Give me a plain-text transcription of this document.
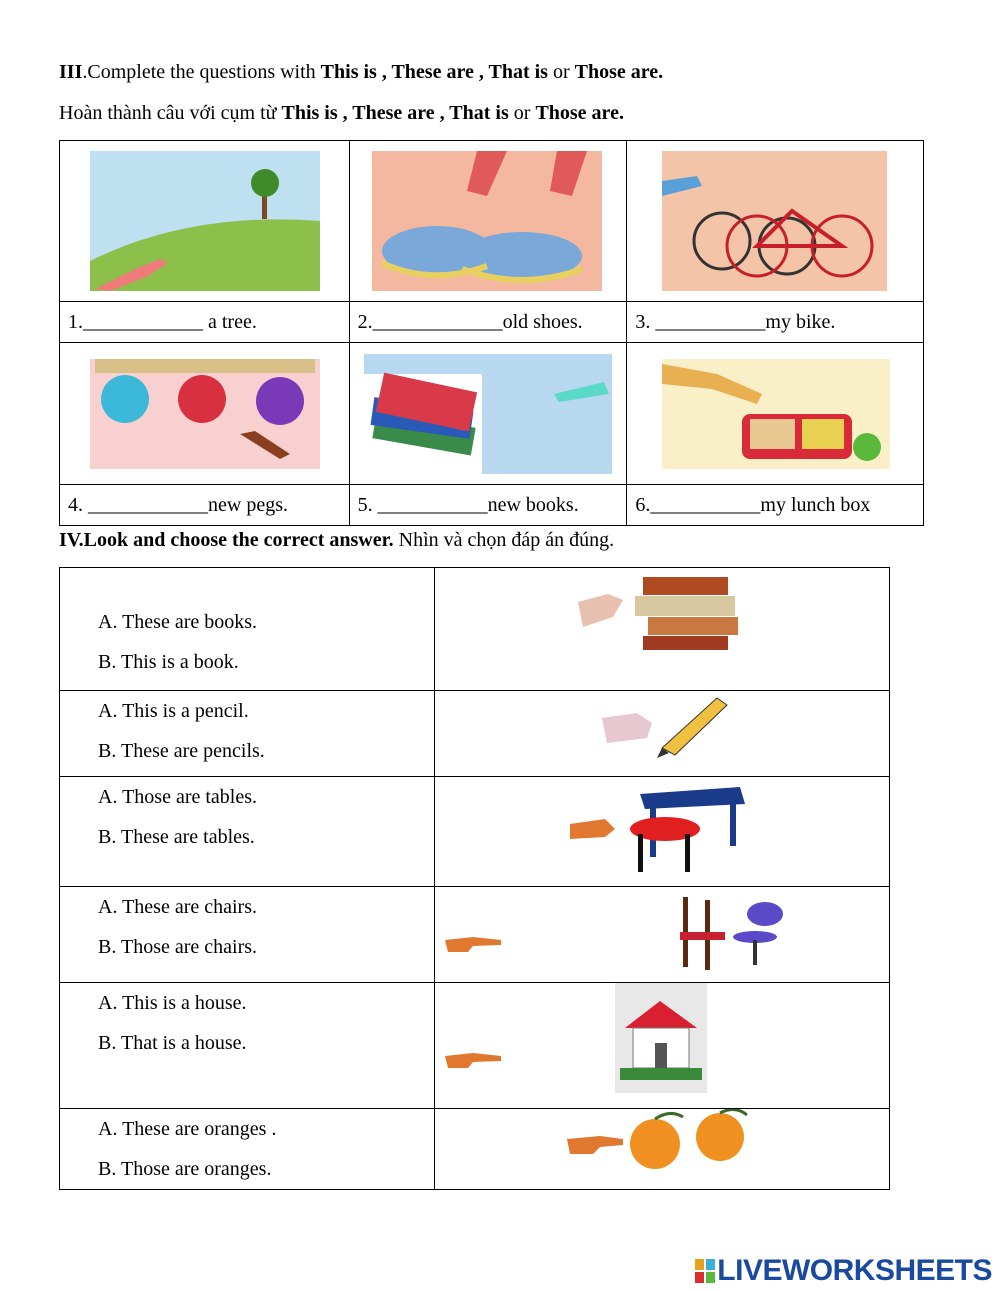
III.Complete the questions with This is , These are , That is or Those are.
Hoàn thành câu với cụm từ This is , These are , That is or Those are.

1.____________ a tree.	2._____________old shoes.	3. ___________my bike.

4. ____________new pegs.	5. ___________new books.	6.___________my lunch box
IV.Look and choose the correct answer. Nhìn và chọn đáp án đúng.
A. These are books.
B. This is a book.

A. This is a pencil.
B. These are pencils.

A. Those are tables.
B. These are tables.

A. These are chairs.
B. Those are chairs.

A. This is a house.
B. That is a house.

A. These are oranges .
B. Those are oranges.

LIVEWORKSHEETS
